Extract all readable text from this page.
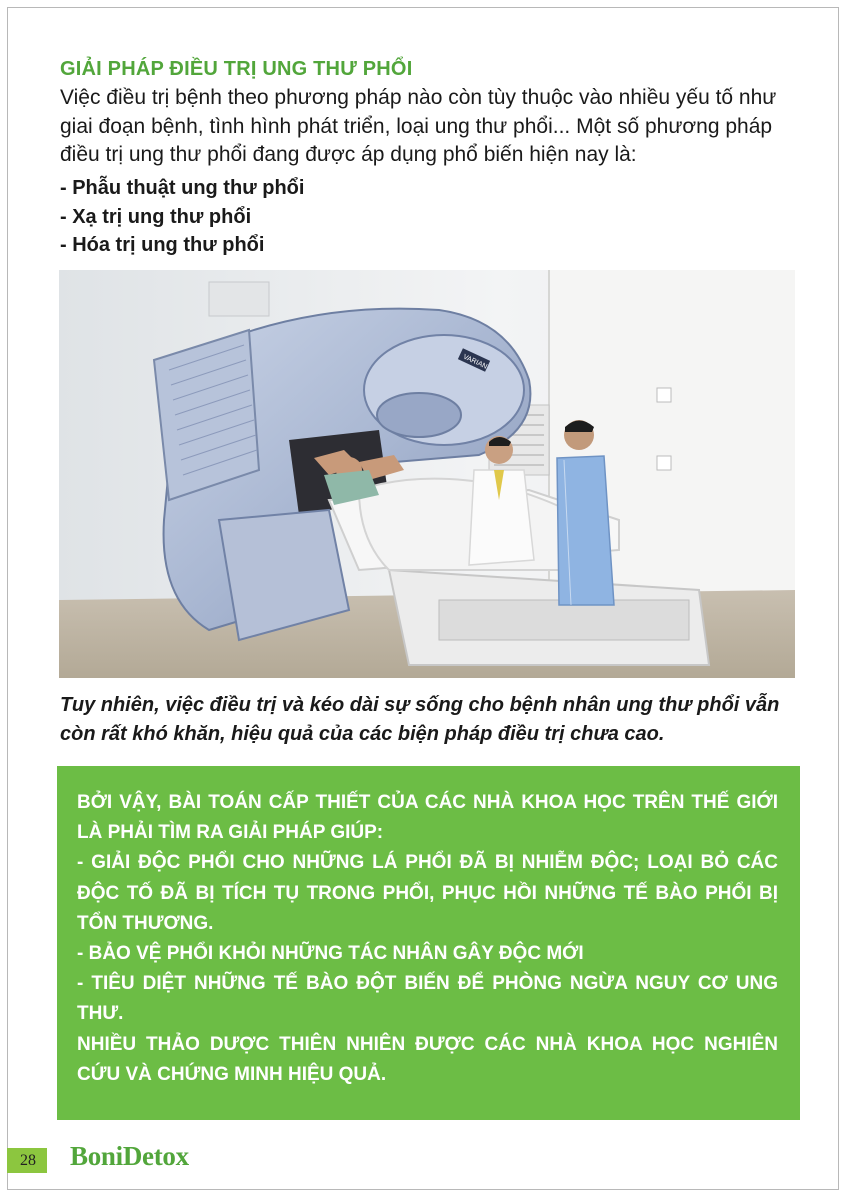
GIẢI PHÁP ĐIỀU TRỊ UNG THƯ PHỔI

Việc điều trị bệnh theo phương pháp nào còn tùy thuộc vào nhiều yếu tố như giai đoạn bệnh, tình hình phát triển, loại ung thư phổi... Một số phương pháp điều trị ung thư phổi đang được áp dụng phổ biến hiện nay là:

- Phẫu thuật ung thư phổi
- Xạ trị ung thư phổi
- Hóa trị ung thư phổi
VARIAN

Tuy nhiên, việc điều trị và kéo dài sự sống cho bệnh nhân ung thư phổi vẫn còn rất khó khăn, hiệu quả của các biện pháp điều trị chưa cao.

BỞI VẬY, BÀI TOÁN CẤP THIẾT CỦA CÁC NHÀ KHOA HỌC TRÊN THẾ GIỚI LÀ PHẢI TÌM RA GIẢI PHÁP GIÚP:

- GIẢI ĐỘC PHỔI CHO NHỮNG LÁ PHỔI ĐÃ BỊ NHIỄM ĐỘC; LOẠI BỎ CÁC ĐỘC TỐ ĐÃ BỊ TÍCH TỤ TRONG PHỔI, PHỤC HỒI NHỮNG TẾ BÀO PHỔI BỊ TỔN THƯƠNG.

- BẢO VỆ PHỔI KHỎI NHỮNG TÁC NHÂN GÂY ĐỘC MỚI

- TIÊU DIỆT NHỮNG TẾ BÀO ĐỘT BIẾN ĐỂ PHÒNG NGỪA NGUY CƠ UNG THƯ.

NHIỀU THẢO DƯỢC THIÊN NHIÊN ĐƯỢC CÁC NHÀ KHOA HỌC NGHIÊN CỨU VÀ CHỨNG MINH HIỆU QUẢ.

28	BoniDetox
